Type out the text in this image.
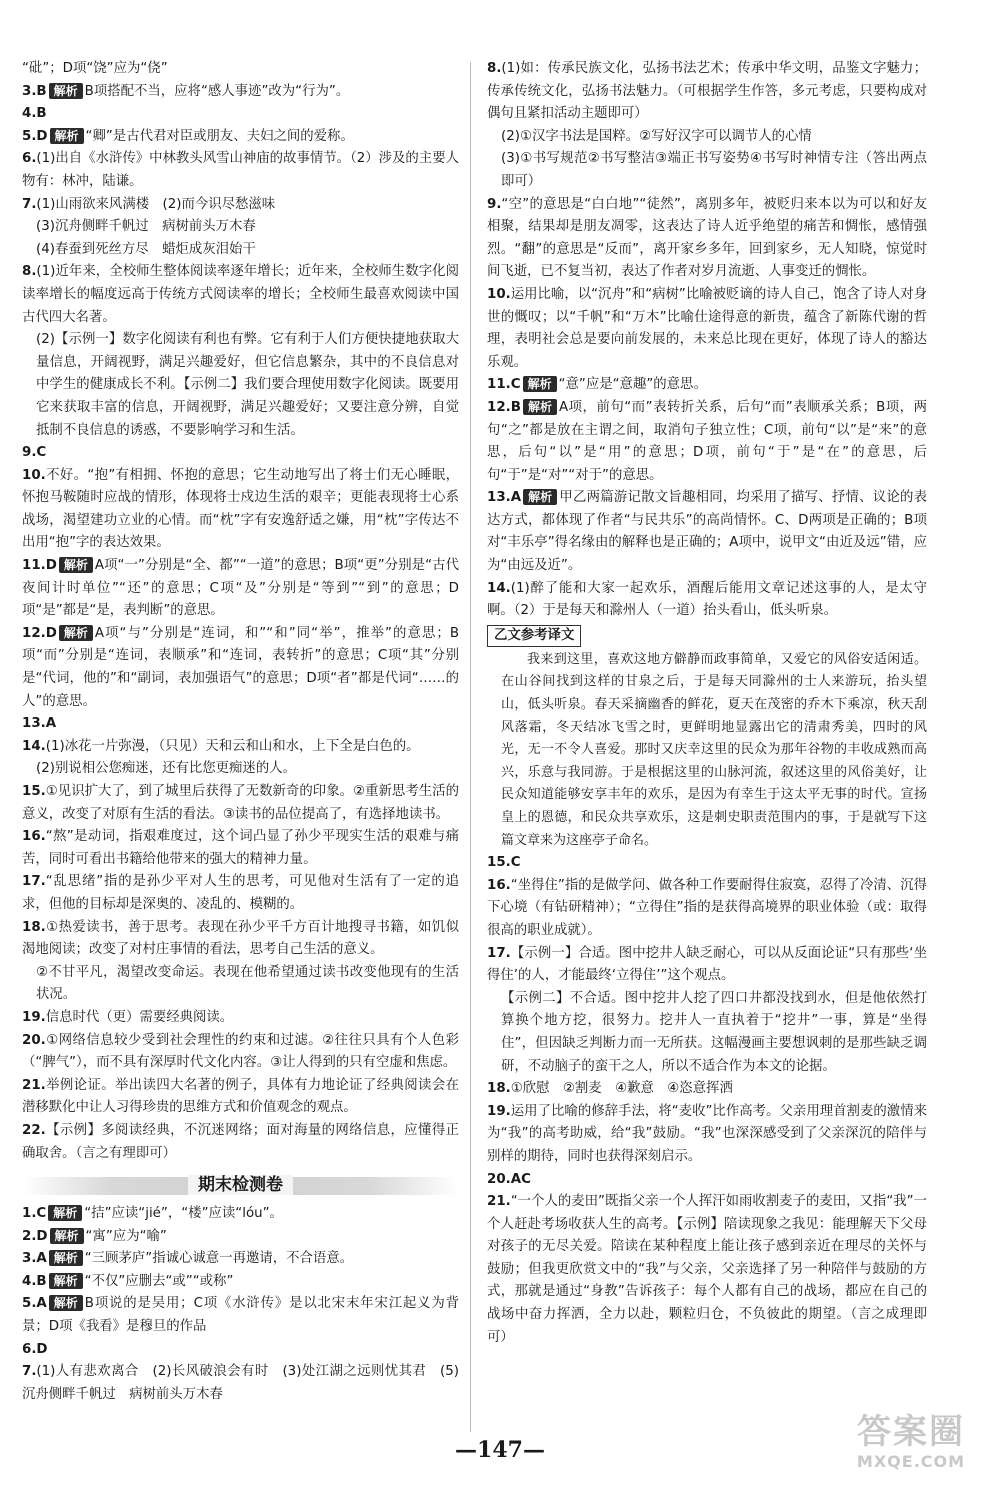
“砒”；D项“饶”应为“侥”

3.B 解析 B项搭配不当，应将“感人事迹”改为“行为”。

4.B

5.D 解析 “卿”是古代君对臣或朋友、夫妇之间的爱称。

6.(1)出自《水浒传》中林教头风雪山神庙的故事情节。（2）涉及的主要人物有：林冲，陆谦。

7.(1)山雨欲来风满楼　(2)而今识尽愁滋味

(3)沉舟侧畔千帆过　病树前头万木春

(4)春蚕到死丝方尽　蜡炬成灰泪始干

8.(1)近年来，全校师生整体阅读率逐年增长；近年来，全校师生数字化阅读率增长的幅度远高于传统方式阅读率的增长；全校师生最喜欢阅读中国古代四大名著。

(2)【示例一】数字化阅读有利也有弊。它有利于人们方便快捷地获取大量信息，开阔视野，满足兴趣爱好，但它信息繁杂，其中的不良信息对中学生的健康成长不利。【示例二】我们要合理使用数字化阅读。既要用它来获取丰富的信息，开阔视野，满足兴趣爱好；又要注意分辨，自觉抵制不良信息的诱惑，不要影响学习和生活。

9.C

10.不好。“抱”有相拥、怀抱的意思；它生动地写出了将士们无心睡眠，怀抱马鞍随时应战的情形，体现将士戍边生活的艰辛；更能表现将士心系战场，渴望建功立业的心情。而“枕”字有安逸舒适之嫌，用“枕”字传达不出用“抱”字的表达效果。

11.D 解析 A项“一”分别是“全、都”“一道”的意思；B项“更”分别是“古代夜间计时单位”“还”的意思；C项“及”分别是“等到”“到”的意思；D项“是”都是“是，表判断”的意思。

12.D 解析 A项“与”分别是“连词，和”“和”同“举”，推举”的意思；B项“而”分别是“连词，表顺承”和“连词，表转折”的意思；C项“其”分别是“代词，他的”和“副词，表加强语气”的意思；D项“者”都是代词“……的人”的意思。

13.A

14.(1)冰花一片弥漫，（只见）天和云和山和水，上下全是白色的。

(2)别说相公您痴迷，还有比您更痴迷的人。

15.①见识扩大了，到了城里后获得了无数新奇的印象。②重新思考生活的意义，改变了对原有生活的看法。③读书的品位提高了，有选择地读书。

16.“熬”是动词，指艰难度过，这个词凸显了孙少平现实生活的艰难与痛苦，同时可看出书籍给他带来的强大的精神力量。

17.“乱思绪”指的是孙少平对人生的思考，可见他对生活有了一定的追求，但他的目标却是深奥的、凌乱的、模糊的。

18.①热爱读书，善于思考。表现在孙少平千方百计地搜寻书籍，如饥似渴地阅读；改变了对村庄事情的看法，思考自己生活的意义。

②不甘平凡，渴望改变命运。表现在他希望通过读书改变他现有的生活状况。

19.信息时代（更）需要经典阅读。

20.①网络信息较少受到社会理性的约束和过滤。②往往只具有个人色彩（“脾气”），而不具有深厚时代文化内容。③让人得到的只有空虚和焦虑。

21.举例论证。举出读四大名著的例子，具体有力地论证了经典阅读会在潜移默化中让人习得珍贵的思维方式和价值观念的观点。

22.【示例】多阅读经典，不沉迷网络；面对海量的网络信息，应懂得正确取舍。（言之有理即可）

期末检测卷

1.C 解析 “拮”应读“jié”，“楼”应读“lóu”。

2.D 解析 “寓”应为“喻”

3.A 解析 “三顾茅庐”指诚心诚意一再邀请，不合语意。

4.B 解析 “不仅”应删去“或”“或称”

5.A 解析 B项说的是吴用；C项《水浒传》是以北宋末年宋江起义为背景；D项《我看》是穆旦的作品

6.D

7.(1)人有悲欢离合　(2)长风破浪会有时　(3)处江湖之远则忧其君　(5)沉舟侧畔千帆过　病树前头万木春

8.(1)如：传承民族文化，弘扬书法艺术；传承中华文明，品鉴文字魅力；传承传统文化，弘扬书法魅力。（可根据学生作答，多元考虑，只要构成对偶句且紧扣活动主题即可）

(2)①汉字书法是国粹。②写好汉字可以调节人的心情

(3)①书写规范②书写整洁③端正书写姿势④书写时神情专注（答出两点即可）

9.“空”的意思是“白白地”“徒然”，离别多年，被贬归来本以为可以和好友相聚，结果却是朋友凋零，这表达了诗人近乎绝望的痛苦和惆怅，感情强烈。“翻”的意思是“反而”，离开家乡多年，回到家乡，无人知晓，惊觉时间飞逝，已不复当初，表达了作者对岁月流逝、人事变迁的惆怅。

10.运用比喻，以“沉舟”和“病树”比喻被贬谪的诗人自己，饱含了诗人对身世的慨叹；以“千帆”和“万木”比喻仕途得意的新贵，蕴含了新陈代谢的哲理，表明社会总是要向前发展的，未来总比现在更好，体现了诗人的豁达乐观。

11.C 解析 “意”应是“意趣”的意思。

12.B 解析 A项，前句“而”表转折关系，后句“而”表顺承关系；B项，两句“之”都是放在主谓之间，取消句子独立性；C项，前句“以”是“来”的意思，后句“以”是“用”的意思；D项，前句“于”是“在”的意思，后句“于”是“对”“对于”的意思。

13.A 解析 甲乙两篇游记散文旨趣相同，均采用了描写、抒情、议论的表达方式，都体现了作者“与民共乐”的高尚情怀。C、D两项是正确的；B项对“丰乐亭”得名缘由的解释也是正确的；A项中，说甲文“由近及远”错，应为“由远及近”。

14.(1)醉了能和大家一起欢乐，酒醒后能用文章记述这事的人，是太守啊。（2）于是每天和滁州人（一道）抬头看山，低头听泉。

乙文参考译文
我来到这里，喜欢这地方僻静而政事简单，又爱它的风俗安适闲适。在山谷间找到这样的甘泉之后，于是每天同滁州的士人来游玩，抬头望山，低头听泉。春天采摘幽香的鲜花，夏天在茂密的乔木下乘凉，秋天刮风落霜，冬天结冰飞雪之时，更鲜明地显露出它的清肃秀美，四时的风光，无一不令人喜爱。那时又庆幸这里的民众为那年谷物的丰收成熟而高兴，乐意与我同游。于是根据这里的山脉河流，叙述这里的风俗美好，让民众知道能够安享丰年的欢乐，是因为有幸生于这太平无事的时代。宣扬皇上的恩德，和民众共享欢乐，这是刺史职责范围内的事，于是就写下这篇文章来为这座亭子命名。

15.C

16.“坐得住”指的是做学问、做各种工作要耐得住寂寞，忍得了冷清、沉得下心境（有钻研精神）；“立得住”指的是获得高境界的职业体验（或：取得很高的职业成就）。

17.【示例一】合适。图中挖井人缺乏耐心，可以从反面论证“只有那些‘坐得住’的人，才能最终‘立得住’”这个观点。

【示例二】不合适。图中挖井人挖了四口井都没找到水，但是他依然打算换个地方挖，很努力。挖井人一直执着于“挖井”一事，算是“坐得住”，但因缺乏判断力而一无所获。这幅漫画主要想讽刺的是那些缺乏调研，不动脑子的蛮干之人，所以不适合作为本文的论据。

18.①欣慰　②割麦　④歉意　④恣意挥洒

19.运用了比喻的修辞手法，将“麦收”比作高考。父亲用理首割麦的激情来为“我”的高考助威，给“我”鼓励。“我”也深深感受到了父亲深沉的陪伴与别样的期待，同时也获得深刻启示。

20.AC

21.“一个人的麦田”既指父亲一个人挥汗如雨收割麦子的麦田，又指“我”一个人赶赴考场收获人生的高考。【示例】陪读现象之我见：能理解天下父母对孩子的无尽关爱。陪读在某种程度上能让孩子感到亲近在理尽的关怀与鼓励；但我更欣赏文中的“我”与父亲，父亲选择了另一种陪伴与鼓励的方式，那就是通过“身教”告诉孩子：每个人都有自己的战场，都应在自己的战场中奋力挥洒，全力以赴，颗粒归仓，不负彼此的期望。（言之成理即可）

—147—	答案圈
MXQE.COM
